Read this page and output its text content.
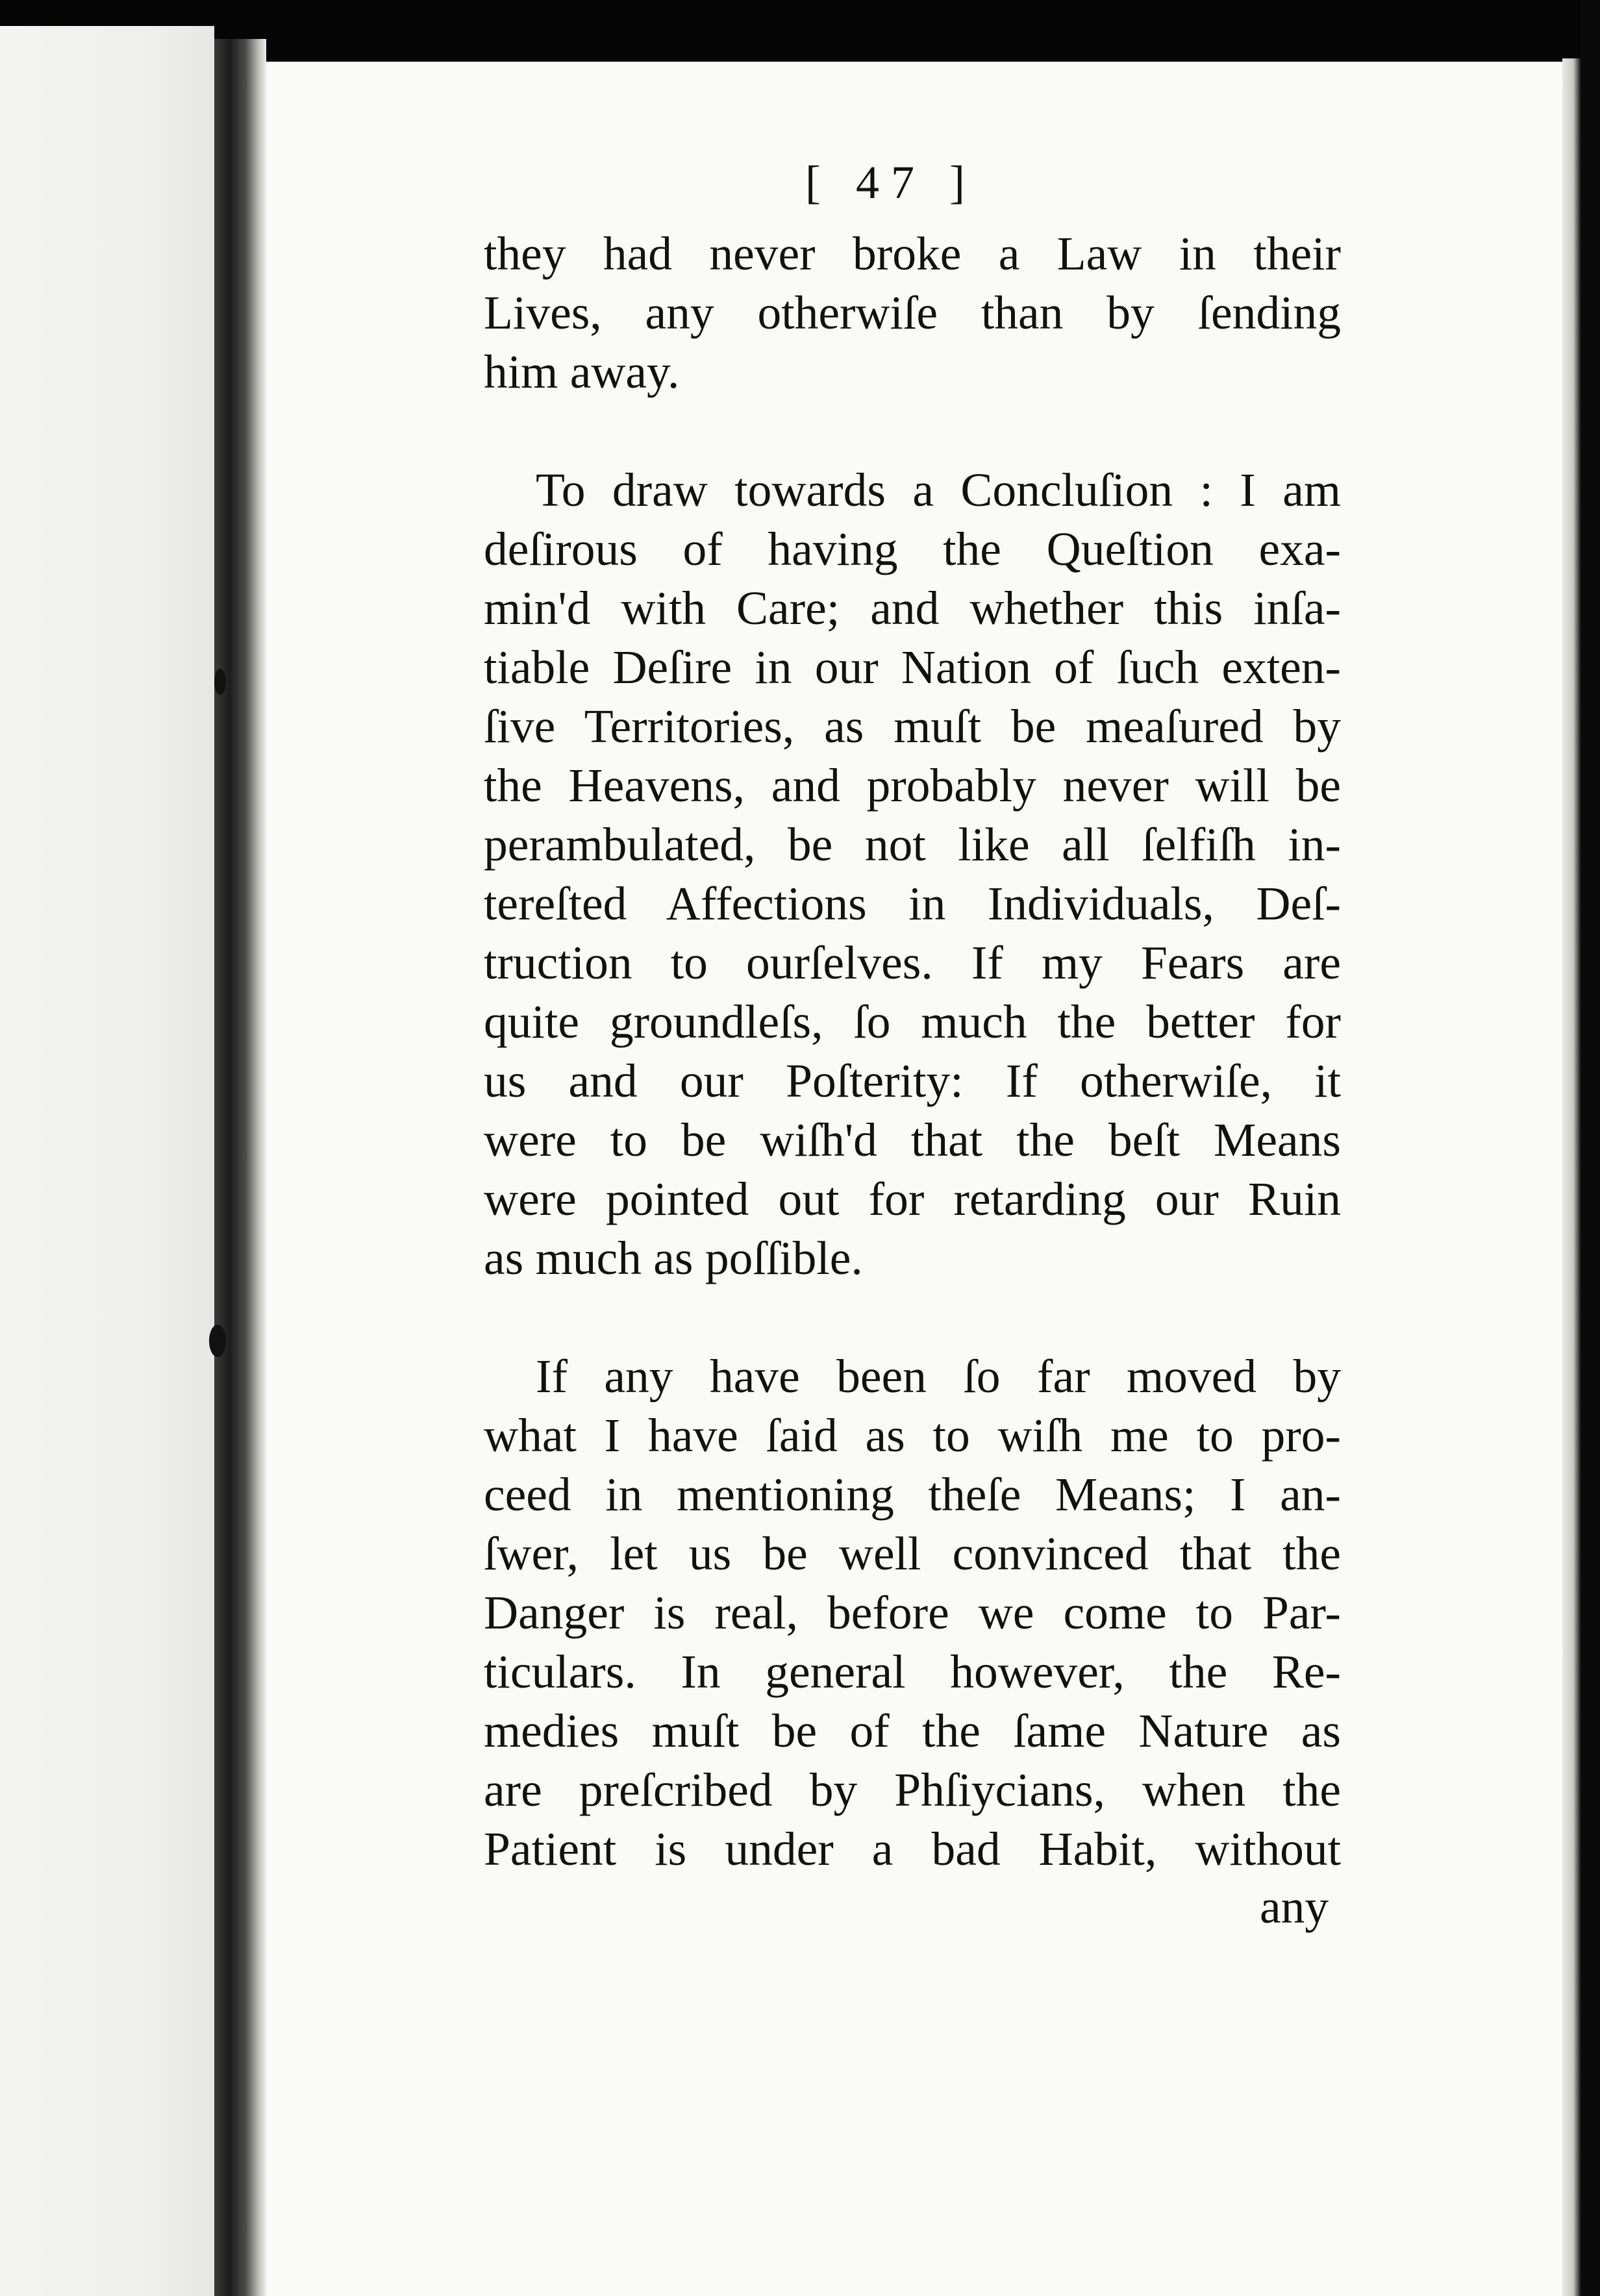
[ 47 ]
they had never broke a Law in their
Lives, any otherwiſe than by ſending
him away.
To draw towards a Concluſion : I am
deſirous of having the Queſtion exa-
min'd with Care; and whether this inſa-
tiable Deſire in our Nation of ſuch exten-
ſive Territories, as muſt be meaſured by
the Heavens, and probably never will be
perambulated, be not like all ſelfiſh in-
tereſted Affections in Individuals, Deſ-
truction to ourſelves. If my Fears are
quite groundleſs, ſo much the better for
us and our Poſterity: If otherwiſe, it
were to be wiſh'd that the beſt Means
were pointed out for retarding our Ruin
as much as poſſible.
If any have been ſo far moved by
what I have ſaid as to wiſh me to pro-
ceed in mentioning theſe Means; I an-
ſwer, let us be well convinced that the
Danger is real, before we come to Par-
ticulars. In general however, the Re-
medies muſt be of the ſame Nature as
are preſcribed by Phſiycians, when the
Patient is under a bad Habit, without
any
